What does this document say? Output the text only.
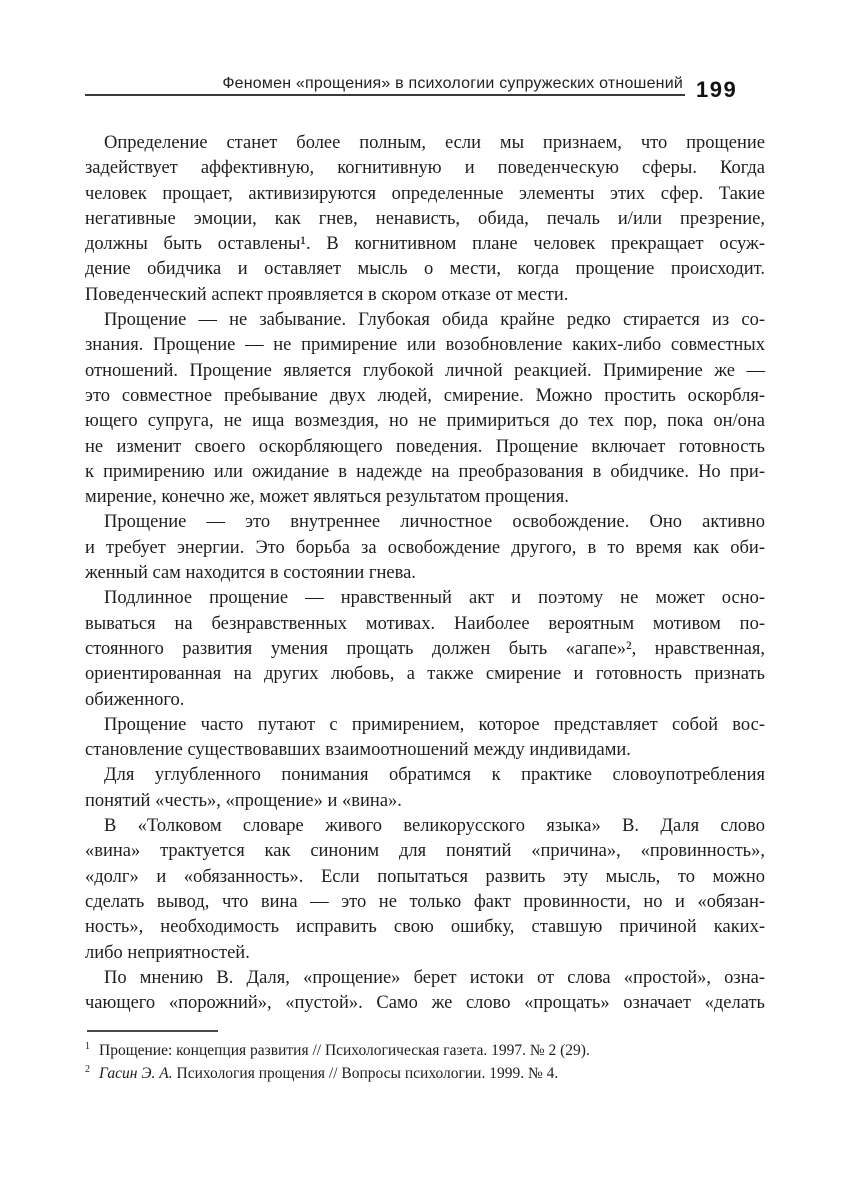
Феномен «прощения» в психологии супружеских отношений 199
Определение станет более полным, если мы признаем, что прощение
задействует аффективную, когнитивную и поведенческую сферы. Когда
человек прощает, активизируются определенные элементы этих сфер. Такие
негативные эмоции, как гнев, ненависть, обида, печаль и/или презрение,
должны быть оставлены¹. В когнитивном плане человек прекращает осуж-
дение обидчика и оставляет мысль о мести, когда прощение происходит.
Поведенческий аспект проявляется в скором отказе от мести.
Прощение — не забывание. Глубокая обида крайне редко стирается из со-
знания. Прощение — не примирение или возобновление каких-либо совместных
отношений. Прощение является глубокой личной реакцией. Примирение же —
это совместное пребывание двух людей, смирение. Можно простить оскорбля-
ющего супруга, не ища возмездия, но не примириться до тех пор, пока он/она
не изменит своего оскорбляющего поведения. Прощение включает готовность
к примирению или ожидание в надежде на преобразования в обидчике. Но при-
мирение, конечно же, может являться результатом прощения.
Прощение — это внутреннее личностное освобождение. Оно активно
и требует энергии. Это борьба за освобождение другого, в то время как оби-
женный сам находится в состоянии гнева.
Подлинное прощение — нравственный акт и поэтому не может осно-
вываться на безнравственных мотивах. Наиболее вероятным мотивом по-
стоянного развития умения прощать должен быть «агапе»², нравственная,
ориентированная на других любовь, а также смирение и готовность признать
обиженного.
Прощение часто путают с примирением, которое представляет собой вос-
становление существовавших взаимоотношений между индивидами.
Для углубленного понимания обратимся к практике словоупотребления
понятий «честь», «прощение» и «вина».
В «Толковом словаре живого великорусского языка» В. Даля слово
«вина» трактуется как синоним для понятий «причина», «провинность»,
«долг» и «обязанность». Если попытаться развить эту мысль, то можно
сделать вывод, что вина — это не только факт провинности, но и «обязан-
ность», необходимость исправить свою ошибку, ставшую причиной каких-
либо неприятностей.
По мнению В. Даля, «прощение» берет истоки от слова «простой», озна-
чающего «порожний», «пустой». Само же слово «прощать» означает «делать
$^1$ Прощение: концепция развития // Психологическая газета. 1997. № 2 (29).
$^2$ Гасин Э. А. Психология прощения // Вопросы психологии. 1999. № 4.
